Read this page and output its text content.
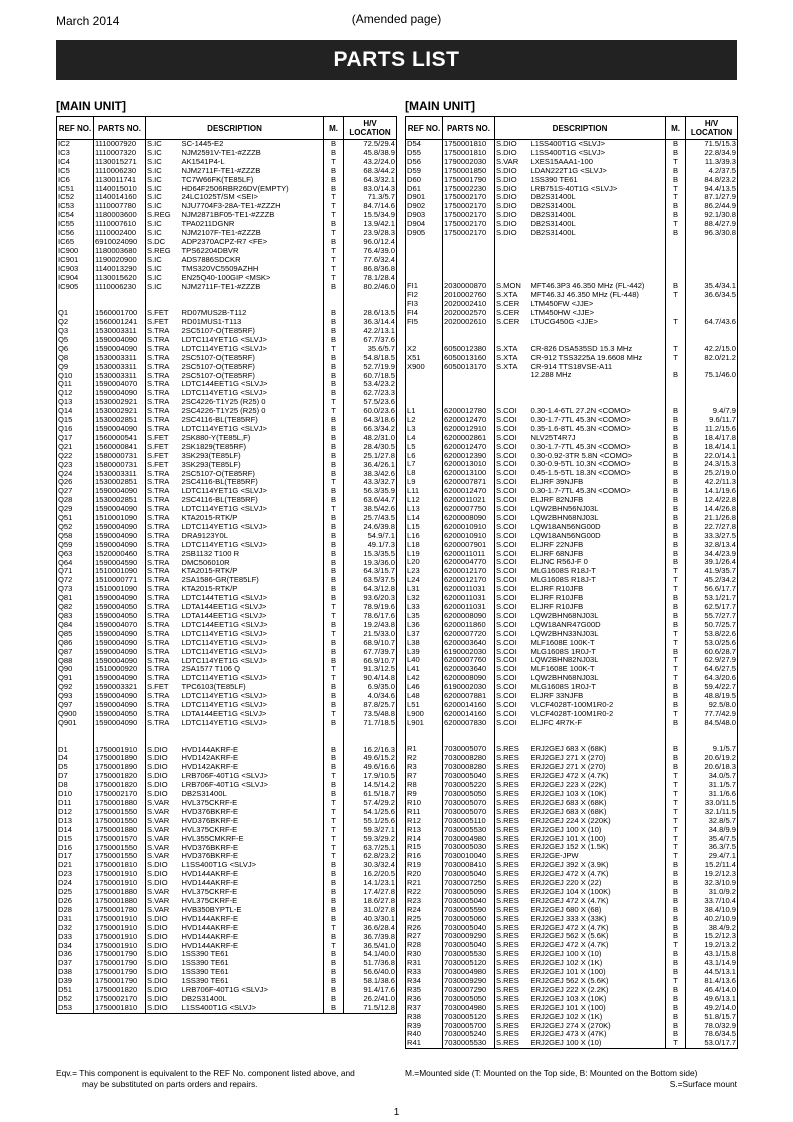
March 2014	(Amended page)
PARTS LIST
[MAIN UNIT]	[MAIN UNIT]
REF NO.	PARTS NO.	DESCRIPTION		M.	H/V LOCATION
IC2	1110007920	S.IC	SC-1445-E2	B	72.5/29.4
IC3	1110007320	S.IC	NJM2591V-TE1-#ZZZB	B	45.8/38.9
IC4	1130015271	S.IC	AK1541P4-L	T	43.2/24.0
IC5	1110006230	S.IC	NJM2711F-TE1-#ZZZB	B	68.3/44.2
IC6	1130011741	S.IC	TC7W66FK(TE85LF)	B	64.3/32.1
IC51	1140015010	S.IC	HD64F2506RBR26DV(EMPTY)	B	83.0/14.3
IC52	1140014160	S.IC	24LC1025T/SM <SEI>	T	71.3/5.7
IC53	1110007780	S.IC	NJU7704F3-28A-TE1-#ZZZH	T	84.7/14.6
IC54	1180003600	S.REG	NJM2871BF05-TE1-#ZZZB	T	15.5/34.9
IC55	1110007610	S.IC	TPA0211DGNR	B	13.9/42.1
IC56	1110002400	S.IC	NJM2107F-TE1-#ZZZB	T	23.9/28.3
IC65	6910024090	S.DC	ADP2370ACPZ-R7 <FE>	B	96.0/12.4
IC900	1180003680	S.REG	TPS62204DBVR	T	76.4/39.0
IC901	1190020900	S.IC	ADS7886SDCKR	T	77.6/32.4
IC903	1140013290	S.IC	TMS320VC5509AZHH	T	86.8/36.8
IC904	1130015620	S.IC	EN25Q40-100GIP <MSK>	T	78.1/28.4
IC905	1110006230	S.IC	NJM2711F-TE1-#ZZZB	B	80.2/46.0

Q1	1560001700	S.FET	RD07MUS2B-T112	B	28.6/13.5
Q2	1560001241	S.FET	RD01MUS1-T113	B	36.3/14.4
Q3	1530003311	S.TRA	2SC5107-O(TE85RF)	B	42.2/13.1
Q5	1590004090	S.TRA	LDTC114YET1G <SLVJ>	B	67.7/37.6
Q6	1590004090	S.TRA	LDTC114YET1G <SLVJ>	T	35.6/5.7
Q8	1530003311	S.TRA	2SC5107-O(TE85RF)	B	54.8/18.5
Q9	1530003311	S.TRA	2SC5107-O(TE85RF)	B	52.7/19.9
Q10	1530003311	S.TRA	2SC5107-O(TE85RF)	B	60.7/18.5
Q11	1590004070	S.TRA	LDTC144EET1G <SLVJ>	B	53.4/23.2
Q12	1590004090	S.TRA	LDTC114YET1G <SLVJ>	B	62.7/23.3
Q13	1530002921	S.TRA	2SC4226-T1Y25 (R25) 0	T	57.5/23.6
Q14	1530002921	S.TRA	2SC4226-T1Y25 (R25) 0	T	60.0/23.6
Q15	1530002851	S.TRA	2SC4116-BL(TE85RF)	B	64.3/18.6
Q16	1590004090	S.TRA	LDTC114YET1G <SLVJ>	B	66.3/34.2
Q17	1560000541	S.FET	2SK880-Y(TE85L,F)	B	48.2/31.0
Q21	1560000841	S.FET	2SK1829(TE85RF)	B	28.4/30.5
Q22	1580000731	S.FET	3SK293(TE85LF)	B	25.1/27.8
Q23	1580000731	S.FET	3SK293(TE85LF)	B	36.4/26.1
Q24	1530003311	S.TRA	2SC5107-O(TE85RF)	B	38.3/42.6
Q26	1530002851	S.TRA	2SC4116-BL(TE85RF)	T	43.3/32.7
Q27	1590004090	S.TRA	LDTC114YET1G <SLVJ>	B	56.3/35.9
Q28	1530002851	S.TRA	2SC4116-BL(TE85RF)	B	63.6/44.7
Q29	1590004090	S.TRA	LDTC114YET1G <SLVJ>	T	38.5/42.6
Q51	1510001090	S.TRA	KTA2015-RTK/P	B	25.7/43.5
Q52	1590004090	S.TRA	LDTC114YET1G <SLVJ>	B	24.6/39.8
Q58	1590004090	S.TRA	DRA9123Y0L	B	54.9/7.1
Q59	1590004090	S.TRA	LDTC114YET1G <SLVJ>	B	49.1/7.3
Q63	1520000460	S.TRA	2SB1132 T100 R	B	15.3/35.5
Q64	1590004590	S.TRA	DMC506010R	B	19.3/36.0
Q71	1510001090	S.TRA	KTA2015-RTK/P	B	64.3/15.7
Q72	1510000771	S.TRA	2SA1586-GR(TE85LF)	B	63.5/37.5
Q73	1510001090	S.TRA	KTA2015-RTK/P	B	64.3/12.8
Q81	1590004090	S.TRA	LDTC144TET1G <SLVJ>	B	93.6/20.3
Q82	1590004050	S.TRA	LDTA144EET1G <SLVJ>	T	78.9/19.6
Q83	1590004050	S.TRA	LDTA144EET1G <SLVJ>	T	78.6/17.6
Q84	1590004070	S.TRA	LDTC144EET1G <SLVJ>	B	19.2/43.8
Q85	1590004090	S.TRA	LDTC114YET1G <SLVJ>	T	21.5/33.0
Q86	1590004090	S.TRA	LDTC114YET1G <SLVJ>	B	68.9/10.7
Q87	1590004090	S.TRA	LDTC114YET1G <SLVJ>	B	67.7/39.7
Q88	1590004090	S.TRA	LDTC114YET1G <SLVJ>	B	66.9/10.7
Q90	1510000920	S.TRA	2SA1577 T106 Q	T	91.3/12.5
Q91	1590004090	S.TRA	LDTC114YET1G <SLVJ>	T	90.4/14.8
Q92	1590003321	S.FET	TPC6103(TE85LF)	B	6.9/35.0
Q93	1590004090	S.TRA	LDTC114YET1G <SLVJ>	B	4.0/34.6
Q97	1590004090	S.TRA	LDTC114YET1G <SLVJ>	B	87.8/25.7
Q900	1590004050	S.TRA	LDTA144EET1G <SLVJ>	T	73.5/48.8
Q901	1590004090	S.TRA	LDTC114YET1G <SLVJ>	B	71.7/18.5

D1	1750001910	S.DIO	HVD144AKRF-E	B	16.2/16.3
D4	1750001890	S.DIO	HVD142AKRF-E	B	49.6/15.2
D5	1750001890	S.DIO	HVD142AKRF-E	B	49.6/16.6
D7	1750001820	S.DIO	LRB706F-40T1G <SLVJ>	T	17.9/10.5
D8	1750001820	S.DIO	LRB706F-40T1G <SLVJ>	B	14.5/14.2
D10	1750002170	S.DIO	DB2S31400L	B	61.5/18.7
D11	1750001880	S.VAR	HVL375CKRF-E	T	57.4/29.2
D12	1750001550	S.VAR	HVD376BKRF-E	T	54.1/25.6
D13	1750001550	S.VAR	HVD376BKRF-E	T	55.1/25.6
D14	1750001880	S.VAR	HVL375CKRF-E	T	59.3/27.1
D15	1750001570	S.VAR	HVL355CMKRF-E	T	59.3/29.2
D16	1750001550	S.VAR	HVD376BKRF-E	T	63.7/25.1
D17	1750001550	S.VAR	HVD376BKRF-E	T	62.8/23.2
D21	1750001810	S.DIO	L1SS400T1G <SLVJ>	B	30.3/32.4
D23	1750001910	S.DIO	HVD144AKRF-E	B	16.2/20.5
D24	1750001910	S.DIO	HVD144AKRF-E	B	14.1/23.1
D25	1750001880	S.VAR	HVL375CKRF-E	B	17.4/27.8
D26	1750001880	S.VAR	HVL375CKRF-E	B	18.6/27.8
D28	1750001780	S.VAR	HVB350BYPTL-E	B	31.0/27.8
D31	1750001910	S.DIO	HVD144AKRF-E	B	40.3/30.1
D32	1750001910	S.DIO	HVD144AKRF-E	T	36.6/28.4
D33	1750001910	S.DIO	HVD144AKRF-E	B	36.7/39.8
D34	1750001910	S.DIO	HVD144AKRF-E	T	36.5/41.0
D36	1750001790	S.DIO	1SS390 TE61	B	54.1/40.0
D37	1750001790	S.DIO	1SS390 TE61	B	51.7/36.8
D38	1750001790	S.DIO	1SS390 TE61	B	56.6/40.0
D39	1750001790	S.DIO	1SS390 TE61	B	58.1/38.6
D51	1750001820	S.DIO	LRB706F-40T1G <SLVJ>	B	91.4/17.6
D52	1750002170	S.DIO	DB2S31400L	B	26.2/41.0
D53	1750001810	S.DIO	L1SS400T1G <SLVJ>	B	71.5/12.8
REF NO.	PARTS NO.	DESCRIPTION		M.	H/V LOCATION
D54	1750001810	S.DIO	L1SS400T1G <SLVJ>	B	71.5/15.3
D55	1750001810	S.DIO	L1SS400T1G <SLVJ>	B	22.8/34.9
D56	1790002030	S.VAR	LXES15AAA1-100	T	11.3/39.3
D59	1750001850	S.DIO	LDAN222T1G <SLVJ>	B	4.2/37.5
D60	1750001790	S.DIO	1SS390 TE61	B	84.8/23.2
D61	1750002230	S.DIO	LRB751S-40T1G <SLVJ>	T	94.4/13.5
D901	1750002170	S.DIO	DB2S31400L	T	87.1/27.9
D902	1750002170	S.DIO	DB2S31400L	B	86.2/44.9
D903	1750002170	S.DIO	DB2S31400L	B	92.1/30.8
D904	1750002170	S.DIO	DB2S31400L	T	88.4/27.9
D905	1750002170	S.DIO	DB2S31400L	B	96.3/30.8

FI1	2030000870	S.MON	MFT46.3P3 46.350 MHz (FL-442)	B	35.4/34.1
FI2	2010002760	S.XTA	MFT46.3J 46.350 MHz (FL-448)	T	36.6/34.5
FI3	2020002410	S.CER	LTM450FW <JJE>		
FI4	2020002570	S.CER	LTM450HW <JJE>		
FI5	2020002610	S.CER	LTUCG450G <JJE>	T	64.7/43.6

X2	6050012380	S.XTA	CR-826 DSA535SD 15.3 MHz	T	42.2/15.0
X51	6050013160	S.XTA	CR-912 TSS3225A 19.6608 MHz	T	82.0/21.2
X900	6050013170	S.XTA	CR-914 TTS18VSE-A11		
			12.288 MHz	B	75.1/46.0

L1	6200012780	S.COI	0.30-1.4-6TL 27.2N <COMO>	B	9.4/7.9
L2	6200012470	S.COI	0.30-1.7-7TL 45.3N <COMO>	B	9.6/11.7
L3	6200012910	S.COI	0.35-1.6-8TL 45.3N <COMO>	B	11.2/15.6
L4	6200002861	S.COI	NLV25T4R7J	B	18.4/17.8
L5	6200012470	S.COI	0.30-1.7-7TL 45.3N <COMO>	B	18.4/14.1
L6	6200012390	S.COI	0.30-0.92-3TR 5.8N <COMO>	B	22.0/14.1
L7	6200013010	S.COI	0.30-0.9-5TL 10.3N <COMO>	B	24.3/15.3
L8	6200013100	S.COI	0.45-1.5-5TL 18.3N <COMO>	B	25.2/19.0
L9	6200007871	S.COI	ELJRF 39NJFB	B	42.2/11.3
L11	6200012470	S.COI	0.30-1.7-7TL 45.3N <COMO>	B	14.1/19.6
L12	6200011021	S.COI	ELJRF 82NJFB	B	12.4/22.8
L13	6200007750	S.COI	LQW2BHN56NJ03L	B	14.4/26.8
L14	6200008090	S.COI	LQW2BHN68NJ03L	B	21.1/26.8
L15	6200010910	S.COI	LQW18AN56NG00D	B	22.7/27.8
L16	6200010910	S.COI	LQW18AN56NG00D	B	33.3/27.5
L18	6200007901	S.COI	ELJRF 22NJFB	B	32.8/13.4
L19	6200011011	S.COI	ELJRF 68NJFB	B	34.4/23.9
L20	6200004770	S.COI	ELJNC R56J-F 0	B	39.1/26.4
L23	6200012170	S.COI	MLG1608S R18J-T	T	41.9/35.7
L24	6200012170	S.COI	MLG1608S R18J-T	T	45.2/34.2
L31	6200011031	S.COI	ELJRF R10JFB	T	56.6/17.7
L32	6200011031	S.COI	ELJRF R10JFB	B	53.1/21.7
L33	6200011031	S.COI	ELJRF R10JFB	B	62.5/17.7
L35	6200008090	S.COI	LQW2BHN68NJ03L	B	55.7/27.7
L36	6200011860	S.COI	LQW18ANR47G00D	B	50.7/25.7
L37	6200007720	S.COI	LQW2BHN33NJ03L	T	53.8/22.6
L38	6200003640	S.COI	MLF1608E 100K-T	T	53.0/25.6
L39	6190002030	S.COI	MLG1608S 1R0J-T	B	60.6/28.7
L40	6200007760	S.COI	LQW2BHN82NJ03L	T	62.9/27.9
L41	6200003640	S.COI	MLF1608E 100K-T	T	64.6/27.5
L42	6200008090	S.COI	LQW2BHN68NJ03L	T	64.3/20.6
L46	6190002030	S.COI	MLG1608S 1R0J-T	B	59.4/22.7
L48	6200007881	S.COI	ELJRF 33NJFB	B	48.8/19.5
L51	6200014160	S.COI	VLCF4028T-100M1R0-2	B	92.5/8.0
L900	6200014160	S.COI	VLCF4028T-100M1R0-2	T	77.7/42.9
L901	6200007830	S.COI	ELJFC 4R7K-F	B	84.5/48.0

R1	7030005070	S.RES	ERJ2GEJ 683 X (68K)	B	9.1/5.7
R2	7030008280	S.RES	ERJ2GEJ 271 X (270)	B	20.6/19.2
R3	7030008280	S.RES	ERJ2GEJ 271 X (270)	B	20.6/18.3
R7	7030005040	S.RES	ERJ2GEJ 472 X (4.7K)	T	34.0/5.7
R8	7030005220	S.RES	ERJ2GEJ 223 X (22K)	T	31.1/5.7
R9	7030005050	S.RES	ERJ2GEJ 103 X (10K)	T	31.1/6.6
R10	7030005070	S.RES	ERJ2GEJ 683 X (68K)	T	33.0/11.5
R11	7030005070	S.RES	ERJ2GEJ 683 X (68K)	T	32.1/11.5
R12	7030005110	S.RES	ERJ2GEJ 224 X (220K)	T	32.8/5.7
R13	7030005530	S.RES	ERJ2GEJ 100 X (10)	T	34.8/9.9
R14	7030004980	S.RES	ERJ2GEJ 101 X (100)	T	35.4/7.5
R15	7030005030	S.RES	ERJ2GEJ 152 X (1.5K)	T	36.3/7.5
R16	7030010040	S.RES	ERJ2GE-JPW	T	29.4/7.1
R19	7030008410	S.RES	ERJ2GEJ 392 X (3.9K)	B	15.2/11.4
R20	7030005040	S.RES	ERJ2GEJ 472 X (4.7K)	B	19.2/12.3
R21	7030007250	S.RES	ERJ2GEJ 220 X (22)	B	32.3/10.9
R22	7030005090	S.RES	ERJ2GEJ 104 X (100K)	B	31.0/9.2
R23	7030005040	S.RES	ERJ2GEJ 472 X (4.7K)	B	33.7/10.4
R24	7030005590	S.RES	ERJ2GEJ 680 X (68)	B	38.4/10.9
R25	7030005060	S.RES	ERJ2GEJ 333 X (33K)	B	40.2/10.9
R26	7030005040	S.RES	ERJ2GEJ 472 X (4.7K)	B	38.4/9.2
R27	7030009290	S.RES	ERJ2GEJ 562 X (5.6K)	B	15.2/12.3
R28	7030005040	S.RES	ERJ2GEJ 472 X (4.7K)	T	19.2/13.2
R30	7030005530	S.RES	ERJ2GEJ 100 X (10)	B	43.1/15.8
R31	7030005120	S.RES	ERJ2GEJ 102 X (1K)	B	43.1/14.9
R33	7030004980	S.RES	ERJ2GEJ 101 X (100)	B	44.5/13.1
R34	7030009290	S.RES	ERJ2GEJ 562 X (5.6K)	T	81.4/13.6
R35	7030007290	S.RES	ERJ2GEJ 222 X (2.2K)	B	46.4/14.0
R36	7030005050	S.RES	ERJ2GEJ 103 X (10K)	B	49.6/13.1
R37	7030004980	S.RES	ERJ2GEJ 101 X (100)	B	49.2/14.0
R38	7030005120	S.RES	ERJ2GEJ 102 X (1K)	B	51.8/15.7
R39	7030005700	S.RES	ERJ2GEJ 274 X (270K)	B	78.0/32.9
R40	7030005240	S.RES	ERJ2GEJ 473 X (47K)	B	78.6/34.5
R41	7030005530	S.RES	ERJ2GEJ 100 X (10)	T	53.0/17.7
Eqv.= This component is equivalent to the REF No. component listed above, and
may be substituted on parts orders and repairs.
M.=Mounted side (T: Mounted on the Top side, B: Mounted on the Bottom side)
S.=Surface mount
1
